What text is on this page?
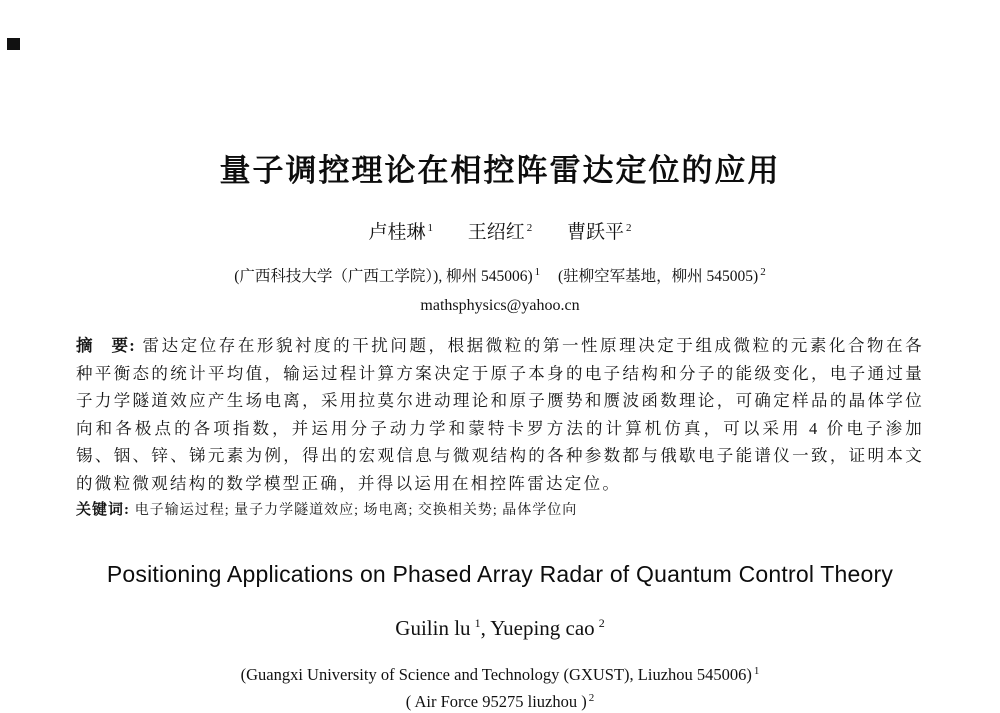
量子调控理论在相控阵雷达定位的应用
卢桂琳 $^1$ 王绍红 $^2$ 曹跃平 $^2$
(广西科技大学（广西工学院）), 柳州 545006) $^1$ (驻柳空军基地，柳州 545005) $^2$
mathsphysics@yahoo.cn

摘　要: 雷达定位存在形貌衬度的干扰问题，根据微粒的第一性原理决定于组成微粒的元素化合物在各种平衡态的统计平均值，输运过程计算方案决定于原子本身的电子结构和分子的能级变化，电子通过量子力学隧道效应产生场电离，采用拉莫尔进动理论和原子赝势和赝波函数理论，可确定样品的晶体学位向和各极点的各项指数，并运用分子动力学和蒙特卡罗方法的计算机仿真，可以采用 4 价电子渗加锡、铟、锌、锑元素为例，得出的宏观信息与微观结构的各种参数都与俄歇电子能谱仪一致，证明本文的微粒微观结构的数学模型正确，并得以运用在相控阵雷达定位。

关键词: 电子输运过程; 量子力学隧道效应; 场电离; 交换相关势; 晶体学位向

Positioning Applications on Phased Array Radar of Quantum Control Theory
Guilin lu $^1$, Yueping cao $^2$
(Guangxi University of Science and Technology (GXUST), Liuzhou 545006) $^1$
( Air Force 95275 liuzhou ) $^2$
